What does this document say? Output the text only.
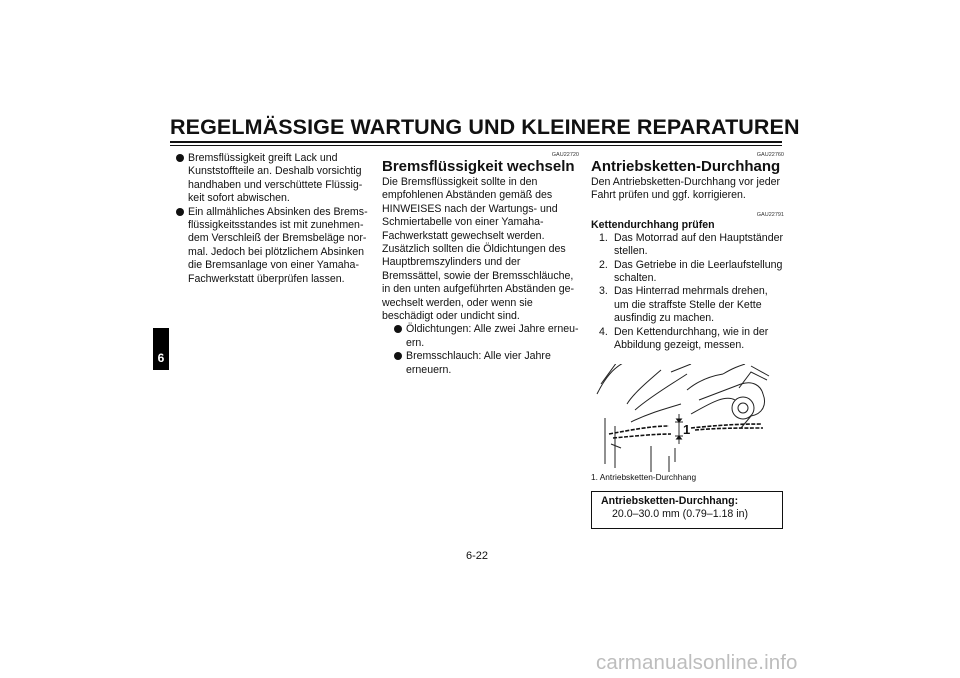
REGELMÄSSIGE WARTUNG UND KLEINERE REPARATUREN
6
Bremsflüssigkeit greift Lack und Kunststoffteile an. Deshalb vorsichtig handhaben und verschüttete Flüssigkeit sofort abwischen.
Ein allmähliches Absinken des Bremsflüssigkeitsstandes ist mit zunehmendem Verschleiß der Bremsbeläge normal. Jedoch bei plötzlichem Absinken die Bremsanlage von einer Yamaha-Fachwerkstatt überprüfen lassen.
GAU22720
Bremsflüssigkeit wechseln
Die Bremsflüssigkeit sollte in den empfohlenen Abständen gemäß des HINWEISES nach der Wartungs- und Schmiertabelle von einer Yamaha-Fachwerkstatt gewechselt werden. Zusätzlich sollten die Öldichtungen des Hauptbremszylinders und der Bremssättel, sowie der Bremsschläuche, in den unten aufgeführten Abständen gewechselt werden, oder wenn sie beschädigt oder undicht sind.
Öldichtungen: Alle zwei Jahre erneuern.
Bremsschlauch: Alle vier Jahre erneuern.
GAU22760
Antriebsketten-Durchhang
Den Antriebsketten-Durchhang vor jeder Fahrt prüfen und ggf. korrigieren.
GAU22791
Kettendurchhang prüfen
1. Das Motorrad auf den Hauptständer stellen.
2. Das Getriebe in die Leerlaufstellung schalten.
3. Das Hinterrad mehrmals drehen, um die straffste Stelle der Kette ausfindig zu machen.
4. Den Kettendurchhang, wie in der Abbildung gezeigt, messen.
1
1. Antriebsketten-Durchhang
Antriebsketten-Durchhang:
20.0–30.0 mm (0.79–1.18 in)
6-22
carmanualsonline.info
